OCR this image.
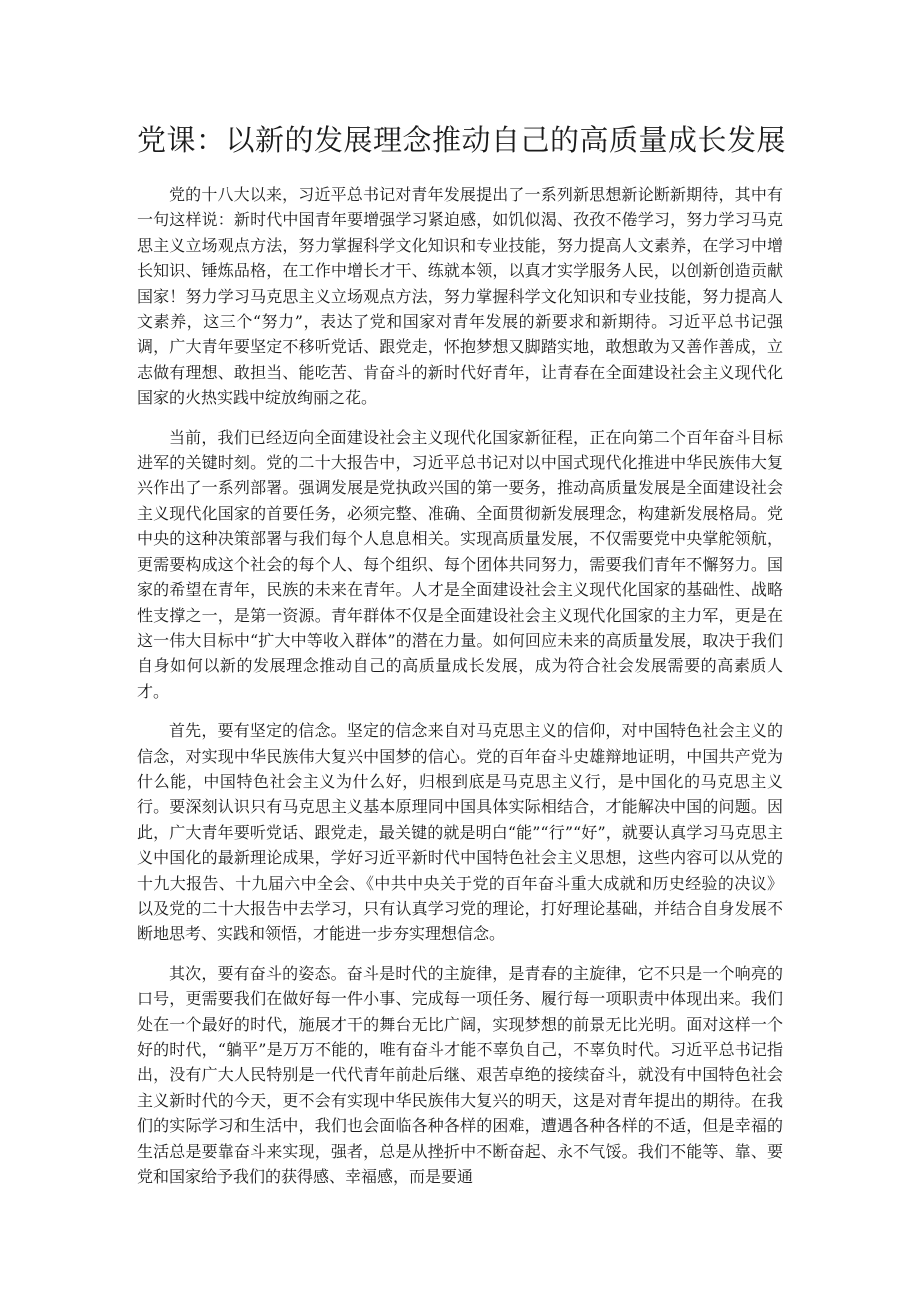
党课：以新的发展理念推动自己的高质量成长发展

党的十八大以来，习近平总书记对青年发展提出了一系列新思想新论断新期待，其中有一句这样说：新时代中国青年要增强学习紧迫感，如饥似渴、孜孜不倦学习，努力学习马克思主义立场观点方法，努力掌握科学文化知识和专业技能，努力提高人文素养，在学习中增长知识、锤炼品格，在工作中增长才干、练就本领，以真才实学服务人民，以创新创造贡献国家！努力学习马克思主义立场观点方法，努力掌握科学文化知识和专业技能，努力提高人文素养，这三个“努力”，表达了党和国家对青年发展的新要求和新期待。习近平总书记强调，广大青年要坚定不移听党话、跟党走，怀抱梦想又脚踏实地，敢想敢为又善作善成，立志做有理想、敢担当、能吃苦、肯奋斗的新时代好青年，让青春在全面建设社会主义现代化国家的火热实践中绽放绚丽之花。

当前，我们已经迈向全面建设社会主义现代化国家新征程，正在向第二个百年奋斗目标进军的关键时刻。党的二十大报告中，习近平总书记对以中国式现代化推进中华民族伟大复兴作出了一系列部署。强调发展是党执政兴国的第一要务，推动高质量发展是全面建设社会主义现代化国家的首要任务，必须完整、准确、全面贯彻新发展理念，构建新发展格局。党中央的这种决策部署与我们每个人息息相关。实现高质量发展，不仅需要党中央掌舵领航，更需要构成这个社会的每个人、每个组织、每个团体共同努力，需要我们青年不懈努力。国家的希望在青年，民族的未来在青年。人才是全面建设社会主义现代化国家的基础性、战略性支撑之一，是第一资源。青年群体不仅是全面建设社会主义现代化国家的主力军，更是在这一伟大目标中“扩大中等收入群体”的潜在力量。如何回应未来的高质量发展，取决于我们自身如何以新的发展理念推动自己的高质量成长发展，成为符合社会发展需要的高素质人才。

首先，要有坚定的信念。坚定的信念来自对马克思主义的信仰，对中国特色社会主义的信念，对实现中华民族伟大复兴中国梦的信心。党的百年奋斗史雄辩地证明，中国共产党为什么能，中国特色社会主义为什么好，归根到底是马克思主义行，是中国化的马克思主义行。要深刻认识只有马克思主义基本原理同中国具体实际相结合，才能解决中国的问题。因此，广大青年要听党话、跟党走，最关键的就是明白“能”“行”“好”，就要认真学习马克思主义中国化的最新理论成果，学好习近平新时代中国特色社会主义思想，这些内容可以从党的十九大报告、十九届六中全会、《中共中央关于党的百年奋斗重大成就和历史经验的决议》以及党的二十大报告中去学习，只有认真学习党的理论，打好理论基础，并结合自身发展不断地思考、实践和领悟，才能进一步夯实理想信念。

其次，要有奋斗的姿态。奋斗是时代的主旋律，是青春的主旋律，它不只是一个响亮的口号，更需要我们在做好每一件小事、完成每一项任务、履行每一项职责中体现出来。我们处在一个最好的时代，施展才干的舞台无比广阔，实现梦想的前景无比光明。面对这样一个好的时代，“躺平”是万万不能的，唯有奋斗才能不辜负自己，不辜负时代。习近平总书记指出，没有广大人民特别是一代代青年前赴后继、艰苦卓绝的接续奋斗，就没有中国特色社会主义新时代的今天，更不会有实现中华民族伟大复兴的明天，这是对青年提出的期待。在我们的实际学习和生活中，我们也会面临各种各样的困难，遭遇各种各样的不适，但是幸福的生活总是要靠奋斗来实现，强者，总是从挫折中不断奋起、永不气馁。我们不能等、靠、要党和国家给予我们的获得感、幸福感，而是要通
